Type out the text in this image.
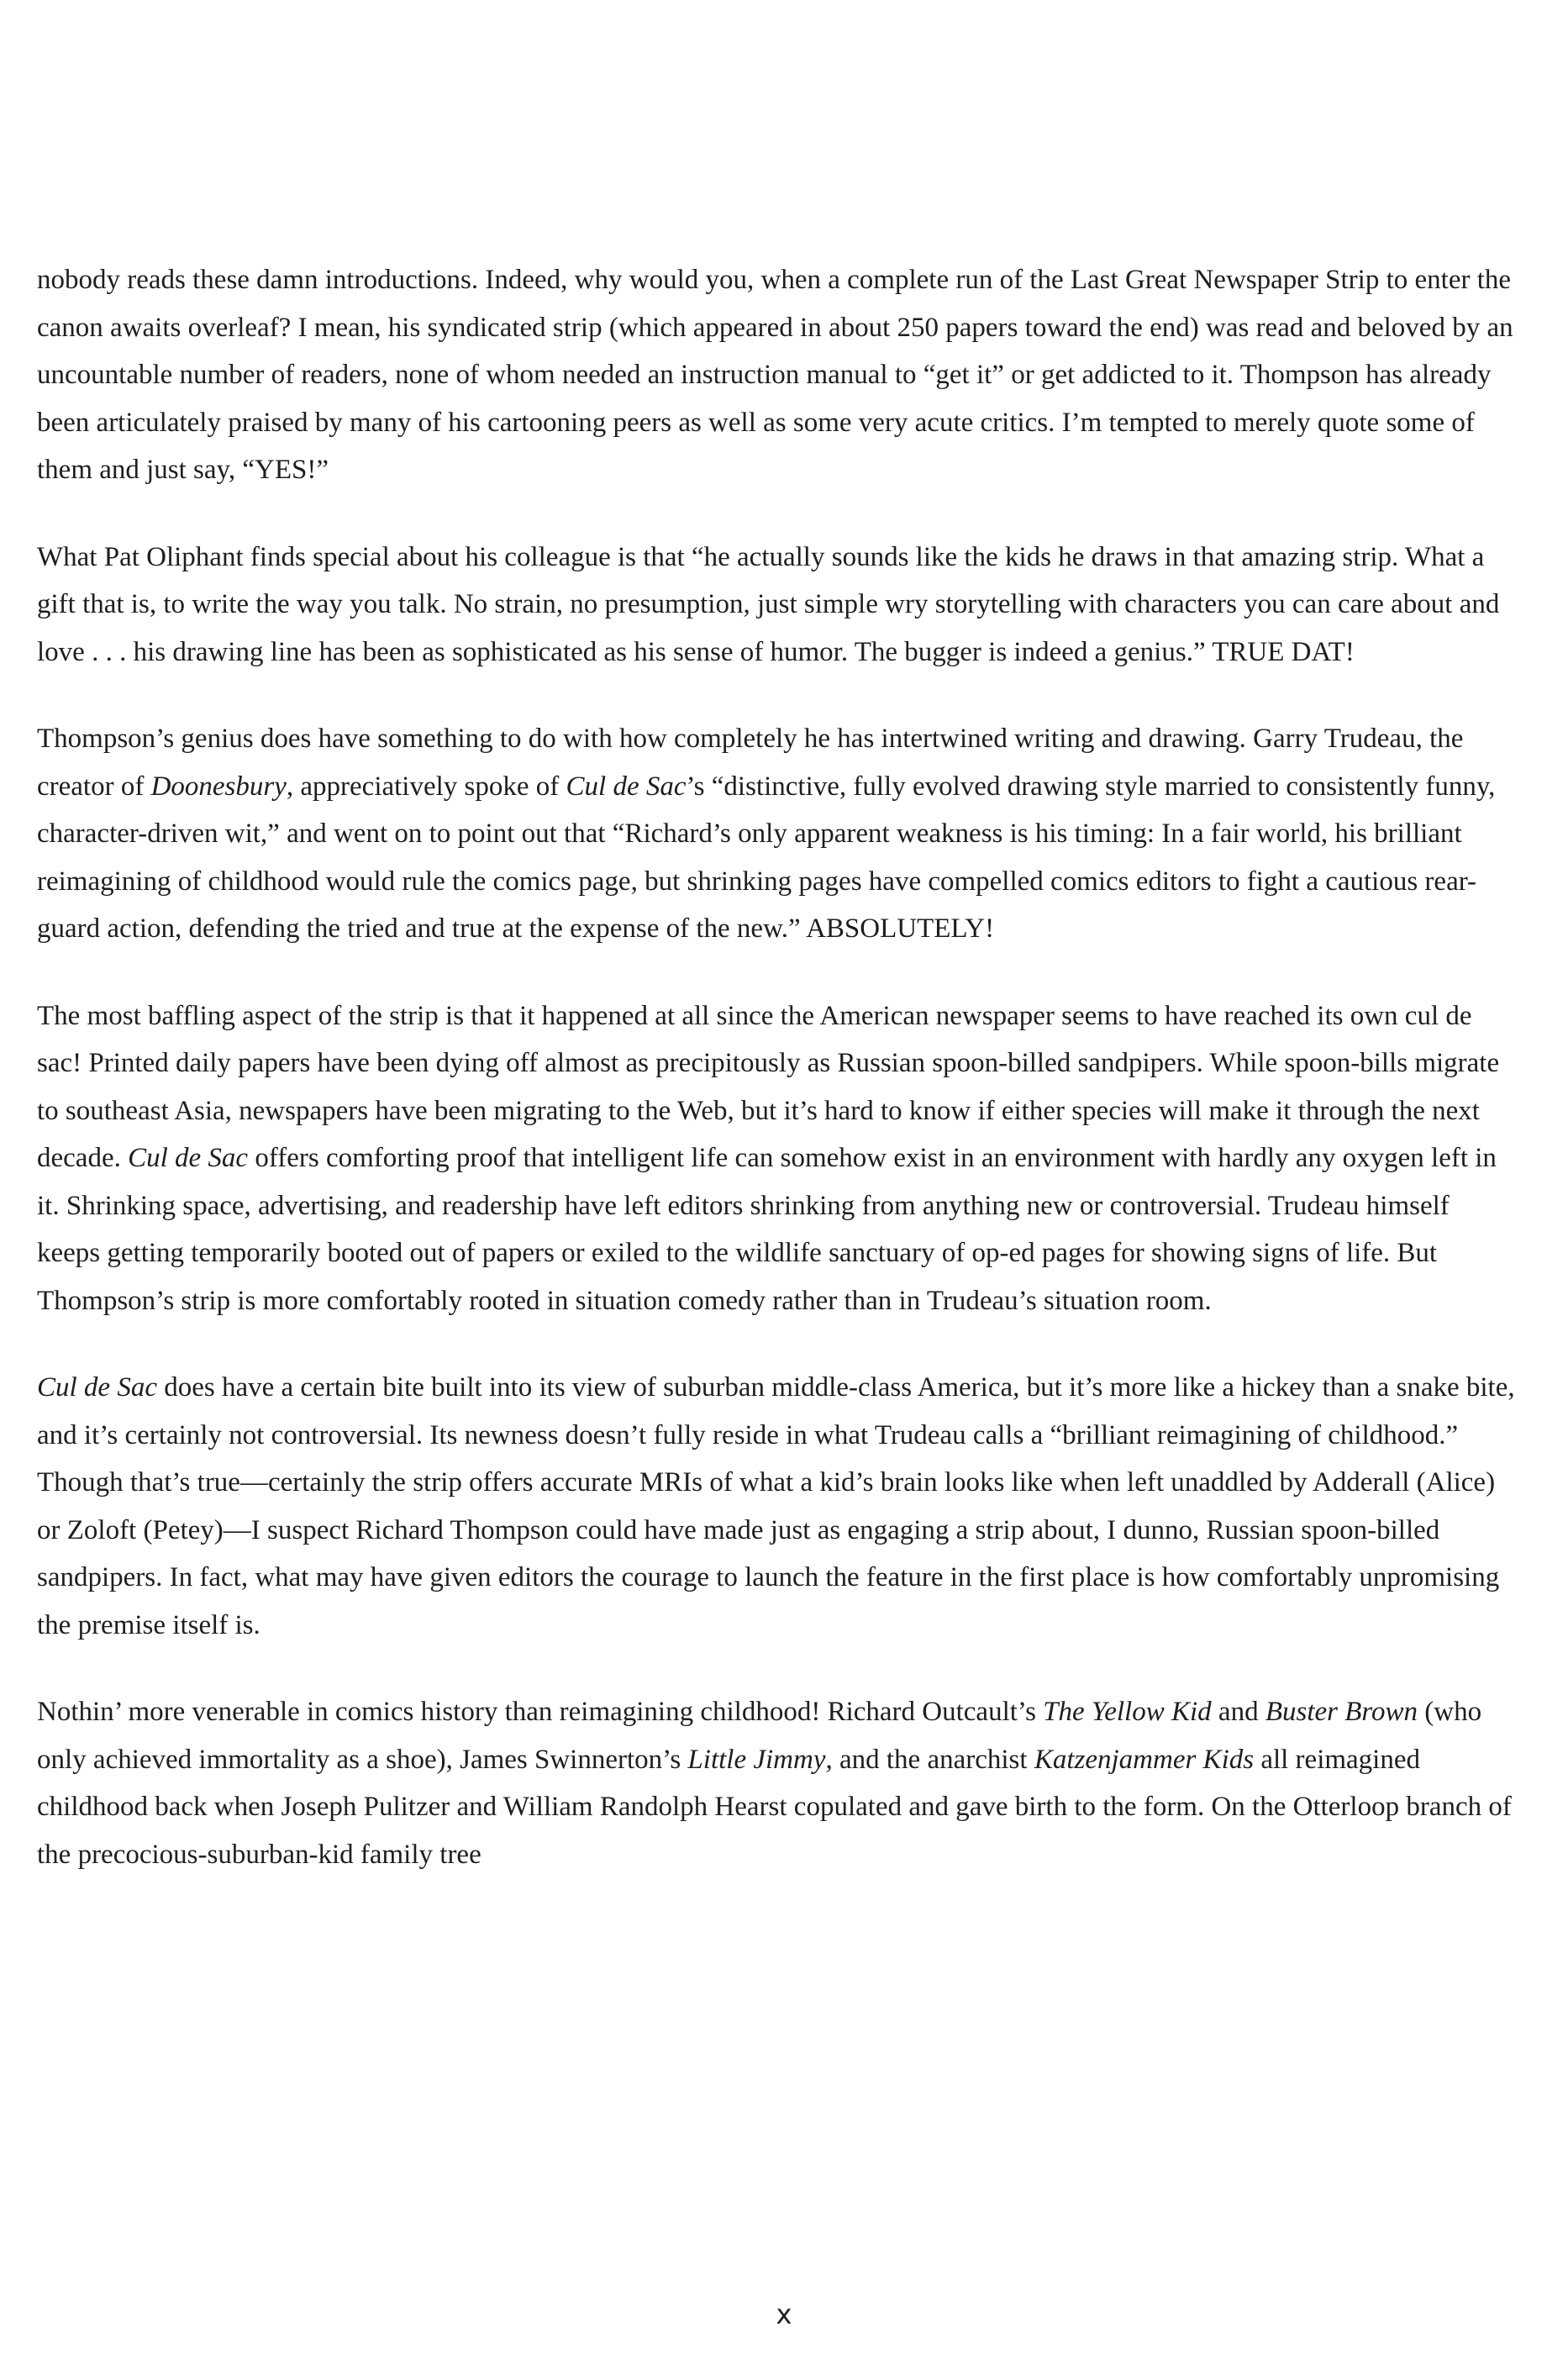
nobody reads these damn introductions. Indeed, why would you, when a complete run of the Last Great Newspaper Strip to enter the canon awaits overleaf? I mean, his syndicated strip (which appeared in about 250 papers toward the end) was read and beloved by an uncountable number of readers, none of whom needed an instruction manual to “get it” or get addicted to it. Thompson has already been articulately praised by many of his cartooning peers as well as some very acute critics. I’m tempted to merely quote some of them and just say, “YES!”

What Pat Oliphant finds special about his colleague is that “he actually sounds like the kids he draws in that amazing strip. What a gift that is, to write the way you talk. No strain, no presumption, just simple wry storytelling with characters you can care about and love . . . his drawing line has been as sophisticated as his sense of humor. The bugger is indeed a genius.” TRUE DAT!

Thompson’s genius does have something to do with how completely he has intertwined writing and drawing. Garry Trudeau, the creator of Doonesbury, appreciatively spoke of Cul de Sac’s “distinctive, fully evolved drawing style married to consistently funny, character-driven wit,” and went on to point out that “Richard’s only apparent weakness is his timing: In a fair world, his brilliant reimagining of childhood would rule the comics page, but shrinking pages have compelled comics editors to fight a cautious rear-guard action, defending the tried and true at the expense of the new.” ABSOLUTELY!

The most baffling aspect of the strip is that it happened at all since the American newspaper seems to have reached its own cul de sac! Printed daily papers have been dying off almost as precipitously as Russian spoon-billed sandpipers. While spoon-bills migrate to southeast Asia, newspapers have been migrating to the Web, but it’s hard to know if either species will make it through the next decade. Cul de Sac offers comforting proof that intelligent life can somehow exist in an environment with hardly any oxygen left in it. Shrinking space, advertising, and readership have left editors shrinking from anything new or controversial. Trudeau himself keeps getting temporarily booted out of papers or exiled to the wildlife sanctuary of op-ed pages for showing signs of life. But Thompson’s strip is more comfortably rooted in situation comedy rather than in Trudeau’s situation room.

Cul de Sac does have a certain bite built into its view of suburban middle-class America, but it’s more like a hickey than a snake bite, and it’s certainly not controversial. Its newness doesn’t fully reside in what Trudeau calls a “brilliant reimagining of childhood.” Though that’s true—certainly the strip offers accurate MRIs of what a kid’s brain looks like when left unaddled by Adderall (Alice) or Zoloft (Petey)—I suspect Richard Thompson could have made just as engaging a strip about, I dunno, Russian spoon-billed sandpipers. In fact, what may have given editors the courage to launch the feature in the first place is how comfortably unpromising the premise itself is.

Nothin’ more venerable in comics history than reimagining childhood! Richard Outcault’s The Yellow Kid and Buster Brown (who only achieved immortality as a shoe), James Swinnerton’s Little Jimmy, and the anarchist Katzenjammer Kids all reimagined childhood back when Joseph Pulitzer and William Randolph Hearst copulated and gave birth to the form. On the Otterloop branch of the precocious-suburban-kid family tree

x
